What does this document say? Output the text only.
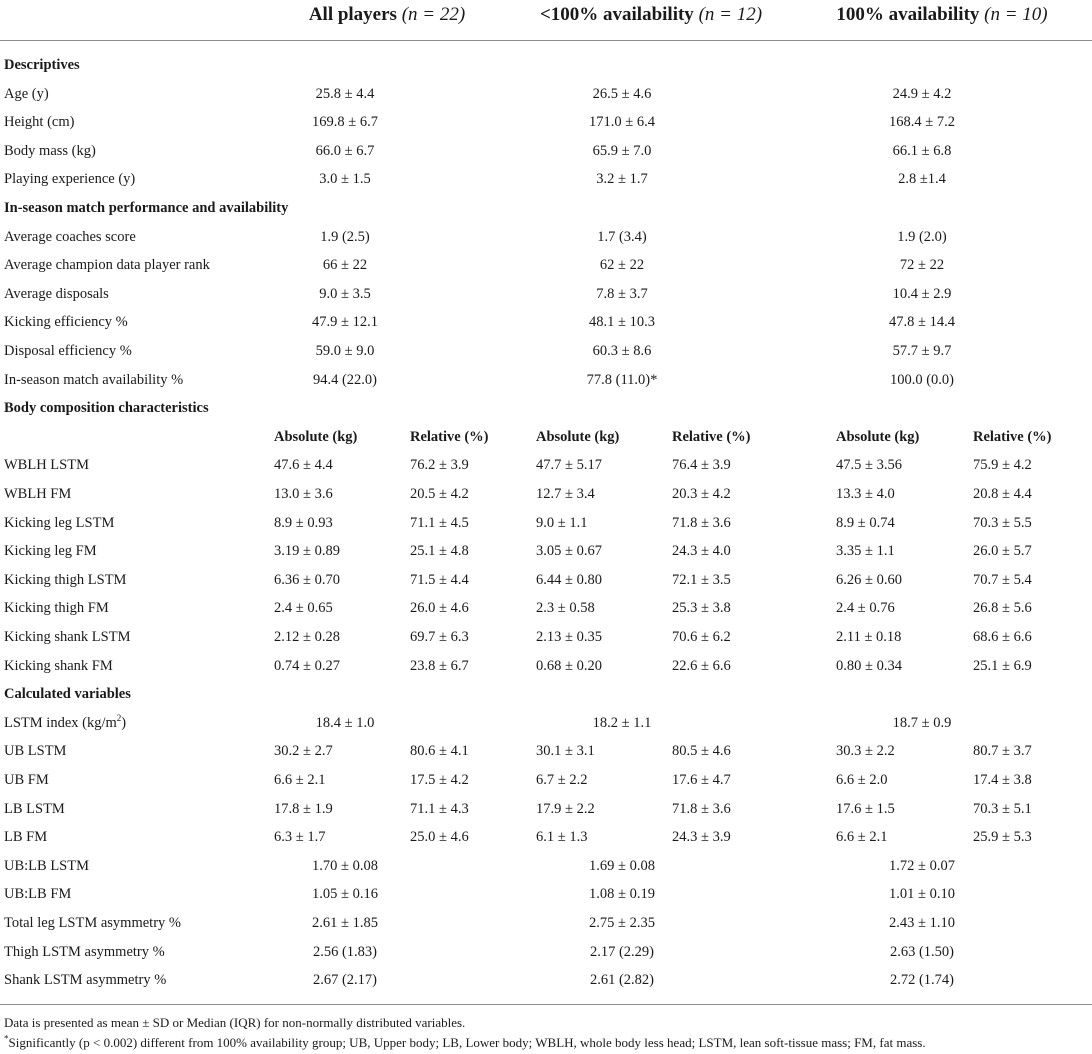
All players (n = 22)	<100% availability (n = 12)	100% availability (n = 10)
Descriptives
Age (y)	25.8 ± 4.4	26.5 ± 4.6	24.9 ± 4.2
Height (cm)	169.8 ± 6.7	171.0 ± 6.4	168.4 ± 7.2
Body mass (kg)	66.0 ± 6.7	65.9 ± 7.0	66.1 ± 6.8
Playing experience (y)	3.0 ± 1.5	3.2 ± 1.7	2.8 ±1.4
In-season match performance and availability
Average coaches score	1.9 (2.5)	1.7 (3.4)	1.9 (2.0)
Average champion data player rank	66 ± 22	62 ± 22	72 ± 22
Average disposals	9.0 ± 3.5	7.8 ± 3.7	10.4 ± 2.9
Kicking efficiency %	47.9 ± 12.1	48.1 ± 10.3	47.8 ± 14.4
Disposal efficiency %	59.0 ± 9.0	60.3 ± 8.6	57.7 ± 9.7
In-season match availability %	94.4 (22.0)	77.8 (11.0)*	100.0 (0.0)
Body composition characteristics
Absolute (kg)	Relative (%)	Absolute (kg)	Relative (%)	Absolute (kg)	Relative (%)
WBLH LSTM	47.6 ± 4.4	76.2 ± 3.9	47.7 ± 5.17	76.4 ± 3.9	47.5 ± 3.56	75.9 ± 4.2
WBLH FM	13.0 ± 3.6	20.5 ± 4.2	12.7 ± 3.4	20.3 ± 4.2	13.3 ± 4.0	20.8 ± 4.4
Kicking leg LSTM	8.9 ± 0.93	71.1 ± 4.5	9.0 ± 1.1	71.8 ± 3.6	8.9 ± 0.74	70.3 ± 5.5
Kicking leg FM	3.19 ± 0.89	25.1 ± 4.8	3.05 ± 0.67	24.3 ± 4.0	3.35 ± 1.1	26.0 ± 5.7
Kicking thigh LSTM	6.36 ± 0.70	71.5 ± 4.4	6.44 ± 0.80	72.1 ± 3.5	6.26 ± 0.60	70.7 ± 5.4
Kicking thigh FM	2.4 ± 0.65	26.0 ± 4.6	2.3 ± 0.58	25.3 ± 3.8	2.4 ± 0.76	26.8 ± 5.6
Kicking shank LSTM	2.12 ± 0.28	69.7 ± 6.3	2.13 ± 0.35	70.6 ± 6.2	2.11 ± 0.18	68.6 ± 6.6
Kicking shank FM	0.74 ± 0.27	23.8 ± 6.7	0.68 ± 0.20	22.6 ± 6.6	0.80 ± 0.34	25.1 ± 6.9
Calculated variables
LSTM index $(kg/m^2)$	18.4 ± 1.0	18.2 ± 1.1	18.7 ± 0.9
UB LSTM	30.2 ± 2.7	80.6 ± 4.1	30.1 ± 3.1	80.5 ± 4.6	30.3 ± 2.2	80.7 ± 3.7
UB FM	6.6 ± 2.1	17.5 ± 4.2	6.7 ± 2.2	17.6 ± 4.7	6.6 ± 2.0	17.4 ± 3.8
LB LSTM	17.8 ± 1.9	71.1 ± 4.3	17.9 ± 2.2	71.8 ± 3.6	17.6 ± 1.5	70.3 ± 5.1
LB FM	6.3 ± 1.7	25.0 ± 4.6	6.1 ± 1.3	24.3 ± 3.9	6.6 ± 2.1	25.9 ± 5.3
UB:LB LSTM	1.70 ± 0.08	1.69 ± 0.08	1.72 ± 0.07
UB:LB FM	1.05 ± 0.16	1.08 ± 0.19	1.01 ± 0.10
Total leg LSTM asymmetry %	2.61 ± 1.85	2.75 ± 2.35	2.43 ± 1.10
Thigh LSTM asymmetry %	2.56 (1.83)	2.17 (2.29)	2.63 (1.50)
Shank LSTM asymmetry %	2.67 (2.17)	2.61 (2.82)	2.72 (1.74)
Data is presented as mean ± SD or Median (IQR) for non-normally distributed variables.
*Significantly (p < 0.002) different from 100% availability group; UB, Upper body; LB, Lower body; WBLH, whole body less head; LSTM, lean soft-tissue mass; FM, fat mass.
